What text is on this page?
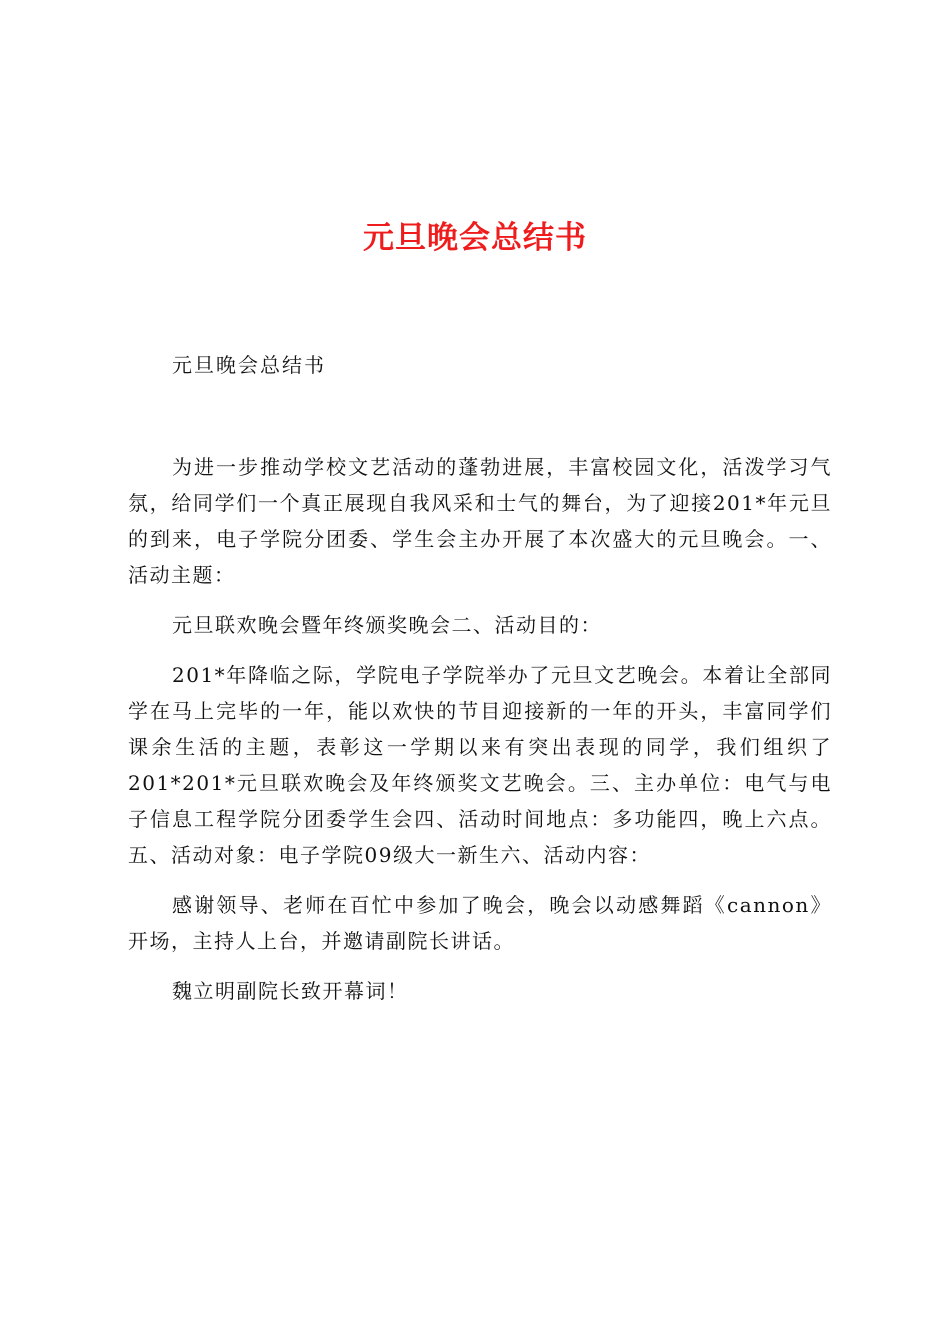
元旦晚会总结书
元旦晚会总结书

为进一步推动学校文艺活动的蓬勃进展，丰富校园文化，活泼学习气氛，给同学们一个真正展现自我风采和士气的舞台，为了迎接201*年元旦的到来，电子学院分团委、学生会主办开展了本次盛大的元旦晚会。一、活动主题：

元旦联欢晚会暨年终颁奖晚会二、活动目的：

201*年降临之际，学院电子学院举办了元旦文艺晚会。本着让全部同学在马上完毕的一年，能以欢快的节目迎接新的一年的开头，丰富同学们课余生活的主题，表彰这一学期以来有突出表现的同学，我们组织了201*201*元旦联欢晚会及年终颁奖文艺晚会。三、主办单位：电气与电子信息工程学院分团委学生会四、活动时间地点：多功能四，晚上六点。五、活动对象：电子学院09级大一新生六、活动内容：

感谢领导、老师在百忙中参加了晚会，晚会以动感舞蹈《cannon》开场，主持人上台，并邀请副院长讲话。

魏立明副院长致开幕词！
